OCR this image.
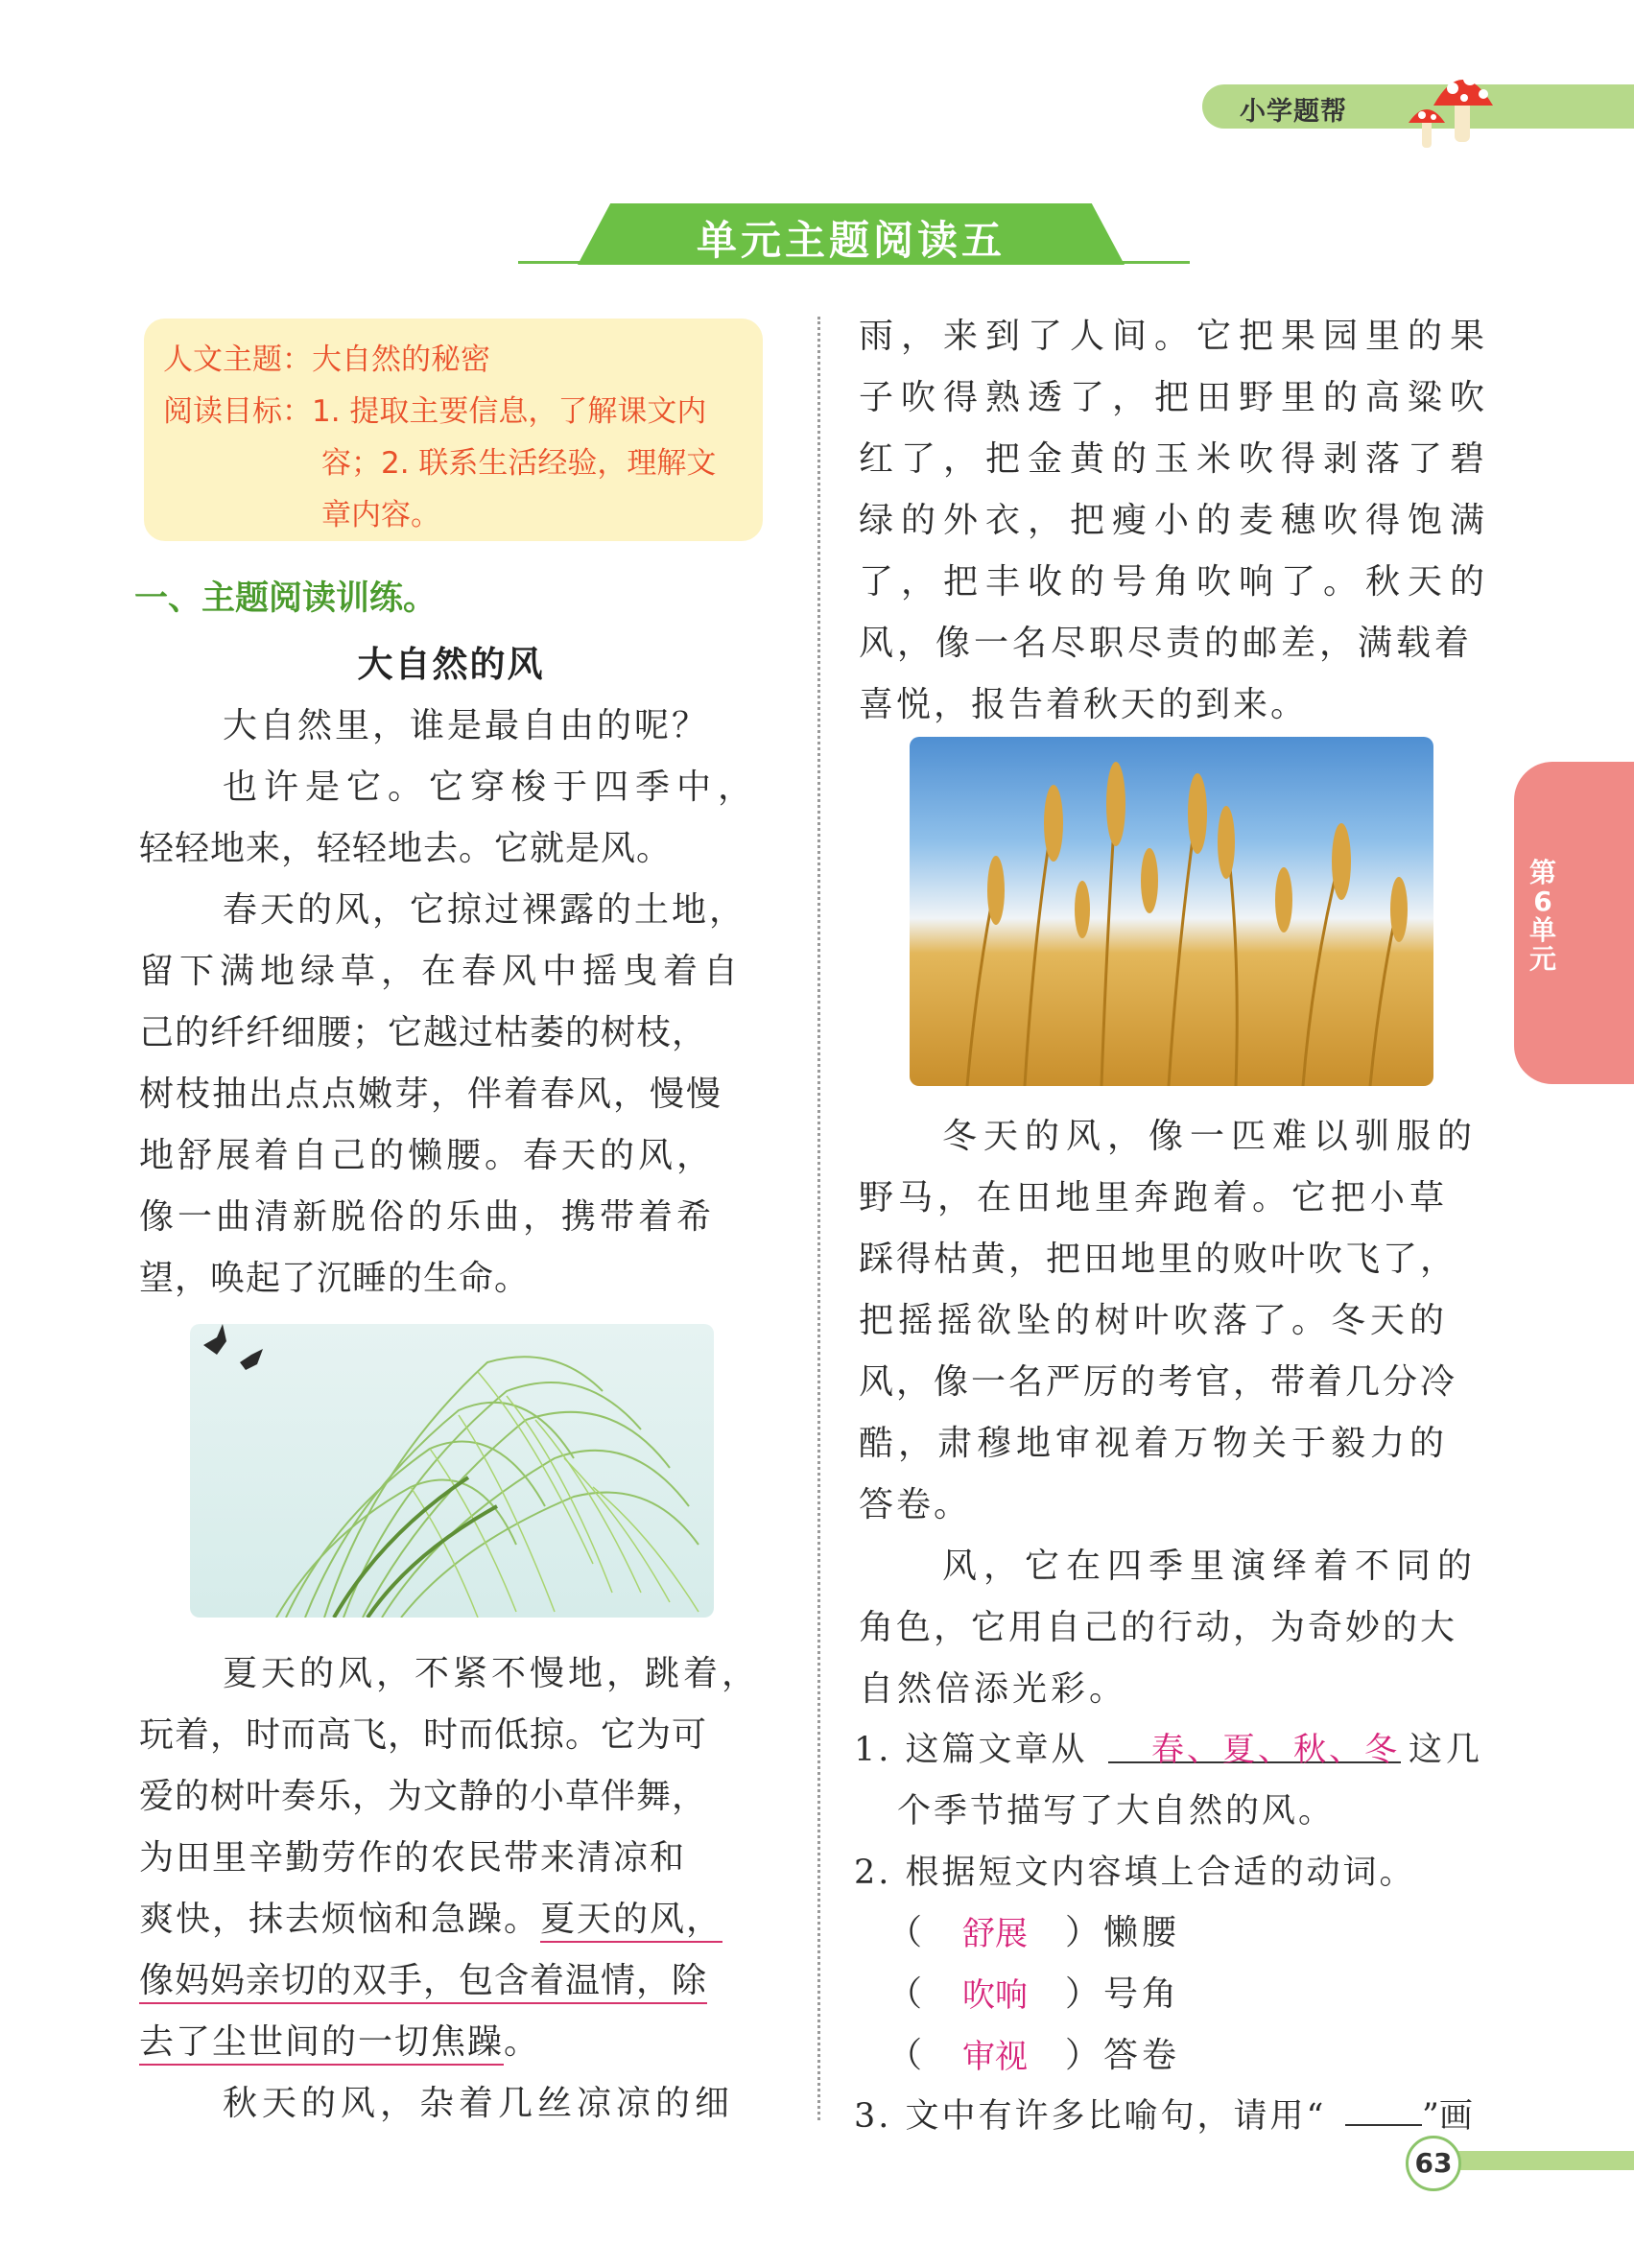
小学题帮
单元主题阅读五
人文主题：大自然的秘密
阅读目标：1. 提取主要信息，了解课文内
容；2. 联系生活经验，理解文
章内容。
一、主题阅读训练。
大自然的风
大自然里，谁是最自由的呢？
也许是它。它穿梭于四季中，
轻轻地来，轻轻地去。它就是风。
春天的风，它掠过裸露的土地，
留下满地绿草，在春风中摇曳着自
己的纤纤细腰；它越过枯萎的树枝，
树枝抽出点点嫩芽，伴着春风，慢慢
地舒展着自己的懒腰。春天的风，
像一曲清新脱俗的乐曲，携带着希
望，唤起了沉睡的生命。
夏天的风，不紧不慢地，跳着，
玩着，时而高飞，时而低掠。它为可
爱的树叶奏乐，为文静的小草伴舞，
为田里辛勤劳作的农民带来清凉和
爽快，抹去烦恼和急躁。夏天的风，
像妈妈亲切的双手，包含着温情，除
去了尘世间的一切焦躁。
秋天的风，杂着几丝凉凉的细
雨，来到了人间。它把果园里的果
子吹得熟透了，把田野里的高粱吹
红了，把金黄的玉米吹得剥落了碧
绿的外衣，把瘦小的麦穗吹得饱满
了，把丰收的号角吹响了。秋天的
风，像一名尽职尽责的邮差，满载着
喜悦，报告着秋天的到来。
冬天的风，像一匹难以驯服的
野马，在田地里奔跑着。它把小草
踩得枯黄，把田地里的败叶吹飞了，
把摇摇欲坠的树叶吹落了。冬天的
风，像一名严厉的考官，带着几分冷
酷，肃穆地审视着万物关于毅力的
答卷。
风，它在四季里演绎着不同的
角色，它用自己的行动，为奇妙的大
自然倍添光彩。
1. 这篇文章从 春、夏、秋、冬 这几
个季节描写了大自然的风。
2. 根据短文内容填上合适的动词。
（ 舒展 ） 懒腰
（ 吹响 ） 号角
（ 审视 ） 答卷
3. 文中有许多比喻句，请用“	”画
第6单元
63
